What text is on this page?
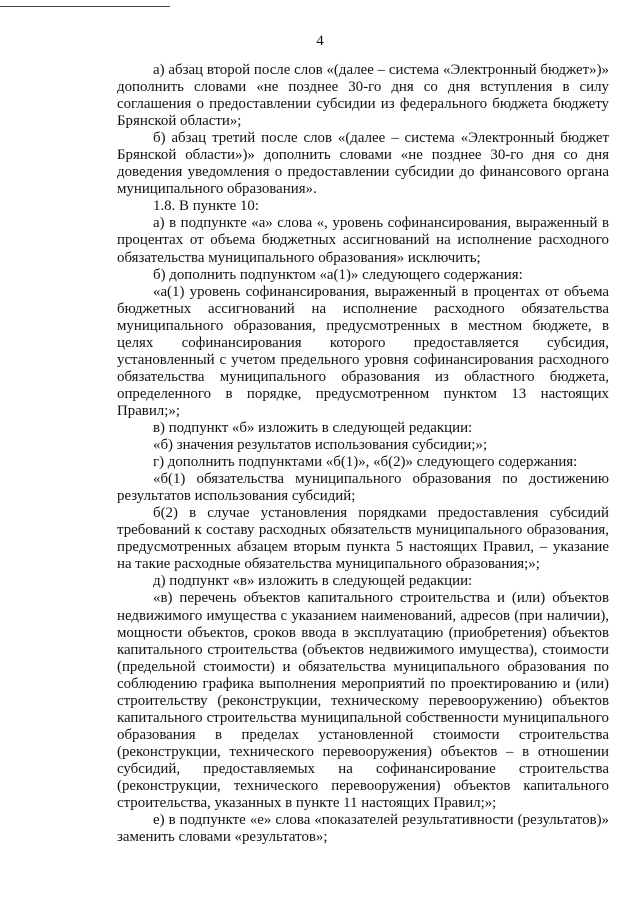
4

а) абзац второй после слов «(далее – система «Электронный бюджет»)» дополнить словами «не позднее 30-го дня со дня вступления в силу соглашения о предоставлении субсидии из федерального бюджета бюджету Брянской области»;

б) абзац третий после слов «(далее – система «Электронный бюджет Брянской области»)» дополнить словами «не позднее 30-го дня со дня доведения уведомления о предоставлении субсидии до финансового органа муниципального образования».

1.8. В пункте 10:

а) в подпункте «а» слова «, уровень софинансирования, выраженный в процентах от объема бюджетных ассигнований на исполнение расходного обязательства муниципального образования» исключить;

б) дополнить подпунктом «а(1)» следующего содержания:

«а(1) уровень софинансирования, выраженный в процентах от объема бюджетных ассигнований на исполнение расходного обязательства муниципального образования, предусмотренных в местном бюджете, в целях софинансирования которого предоставляется субсидия, установленный с учетом предельного уровня софинансирования расходного обязательства муниципального образования из областного бюджета, определенного в порядке, предусмотренном пунктом 13 настоящих Правил;»;

в) подпункт «б» изложить в следующей редакции:

«б) значения результатов использования субсидии;»;

г) дополнить подпунктами «б(1)», «б(2)» следующего содержания:

«б(1) обязательства муниципального образования по достижению результатов использования субсидий;

б(2) в случае установления порядками предоставления субсидий требований к составу расходных обязательств муниципального образования, предусмотренных абзацем вторым пункта 5 настоящих Правил, – указание на такие расходные обязательства муниципального образования;»;

д) подпункт «в» изложить в следующей редакции:

«в) перечень объектов капитального строительства и (или) объектов недвижимого имущества с указанием наименований, адресов (при наличии), мощности объектов, сроков ввода в эксплуатацию (приобретения) объектов капитального строительства (объектов недвижимого имущества), стоимости (предельной стоимости) и обязательства муниципального образования по соблюдению графика выполнения мероприятий по проектированию и (или) строительству (реконструкции, техническому перевооружению) объектов капитального строительства муниципальной собственности муниципального образования в пределах установленной стоимости строительства (реконструкции, технического перевооружения) объектов – в отношении субсидий, предоставляемых на софинансирование строительства (реконструкции, технического перевооружения) объектов капитального строительства, указанных в пункте 11 настоящих Правил;»;

е) в подпункте «е» слова «показателей результативности (результатов)» заменить словами «результатов»;
